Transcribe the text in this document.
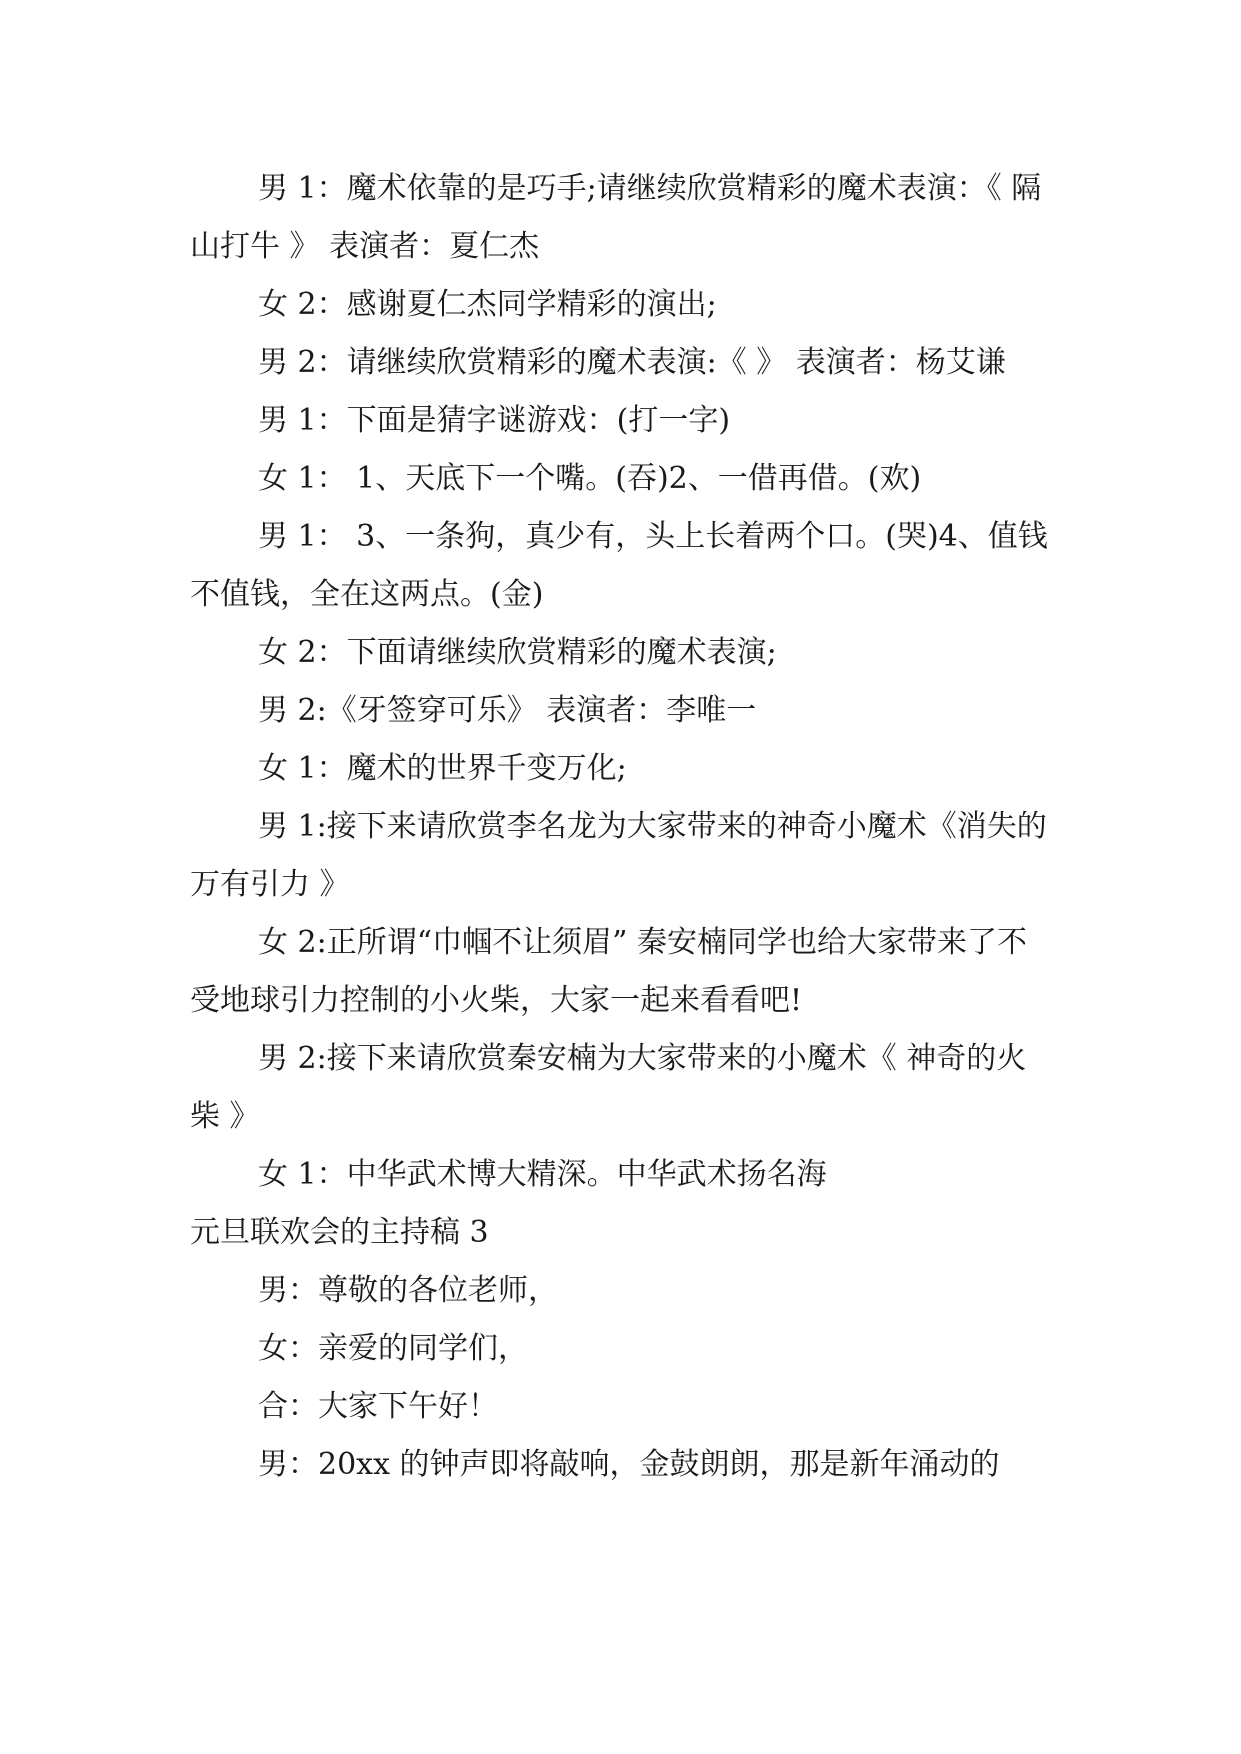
男 1：魔术依靠的是巧手;请继续欣赏精彩的魔术表演：《 隔山打牛 》 表演者：夏仁杰

女 2：感谢夏仁杰同学精彩的演出;

男 2：请继续欣赏精彩的魔术表演:《 》 表演者：杨艾谦

男 1：下面是猜字谜游戏：(打一字)

女 1： 1、天底下一个嘴。(吞)2、一借再借。(欢)

男 1： 3、一条狗，真少有，头上长着两个口。(哭)4、值钱不值钱，全在这两点。(金)

女 2：下面请继续欣赏精彩的魔术表演;

男 2:《牙签穿可乐》 表演者：李唯一

女 1：魔术的世界千变万化;

男 1:接下来请欣赏李名龙为大家带来的神奇小魔术《消失的万有引力 》

女 2:正所谓“巾帼不让须眉” 秦安楠同学也给大家带来了不受地球引力控制的小火柴，大家一起来看看吧!

男 2:接下来请欣赏秦安楠为大家带来的小魔术《 神奇的火柴 》

女 1：中华武术博大精深。中华武术扬名海

元旦联欢会的主持稿 3

男：尊敬的各位老师，

女：亲爱的同学们，

合：大家下午好！

男：20xx 的钟声即将敲响，金鼓朗朗，那是新年涌动的
